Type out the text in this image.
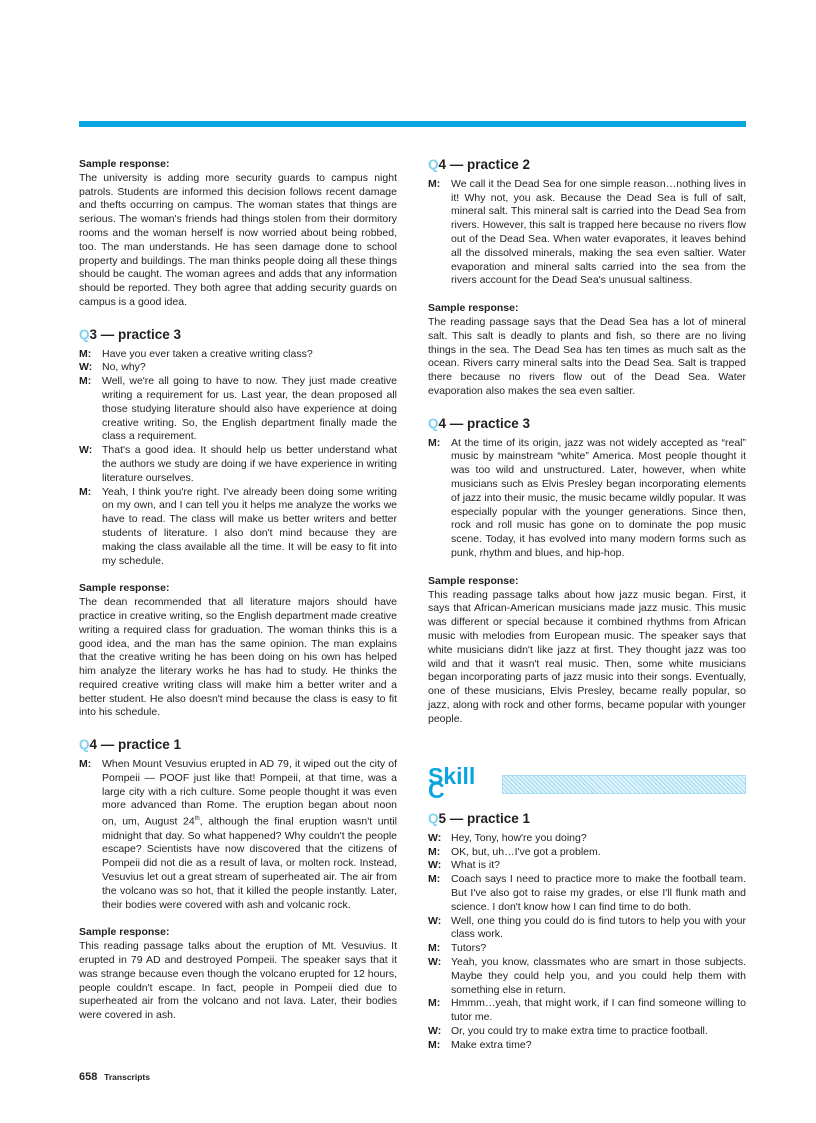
Sample response:

The university is adding more security guards to campus night patrols. Students are informed this decision follows recent damage and thefts occurring on campus. The woman states that things are serious. The woman's friends had things stolen from their dormitory rooms and the woman herself is now worried about being robbed, too. The man understands. He has seen damage done to school property and buildings. The man thinks people doing all these things should be caught. The woman agrees and adds that any information should be reported. They both agree that adding security guards on campus is a good idea.

Q3 — practice 3
M:	Have you ever taken a creative writing class?
W: No, why?
M:	Well, we're all going to have to now. They just made creative writing a requirement for us. Last year, the dean proposed all those studying literature should also have experience at doing creative writing. So, the English department finally made the class a requirement.
W: That's a good idea. It should help us better understand what the authors we study are doing if we have experience in writing literature ourselves.
M:	Yeah, I think you're right. I've already been doing some writing on my own, and I can tell you it helps me analyze the works we have to read. The class will make us better writers and better students of literature. I also don't mind because they are making the class available all the time. It will be easy to fit into my schedule.

Sample response:

The dean recommended that all literature majors should have practice in creative writing, so the English department made creative writing a required class for graduation. The woman thinks this is a good idea, and the man has the same opinion. The man explains that the creative writing he has been doing on his own has helped him analyze the literary works he has had to study. He thinks the required creative writing class will make him a better writer and a better student. He also doesn't mind because the class is easy to fit into his schedule.

Q4 — practice 1
M:	When Mount Vesuvius erupted in AD 79, it wiped out the city of Pompeii — POOF just like that! Pompeii, at that time, was a large city with a rich culture. Some people thought it was even more advanced than Rome. The eruption began about noon on, um, August 24th, although the final eruption wasn't until midnight that day. So what happened? Why couldn't the people escape? Scientists have now discovered that the citizens of Pompeii did not die as a result of lava, or molten rock. Instead, Vesuvius let out a great stream of superheated air. The air from the volcano was so hot, that it killed the people instantly. Later, their bodies were covered with ash and volcanic rock.

Sample response:

This reading passage talks about the eruption of Mt. Vesuvius. It erupted in 79 AD and destroyed Pompeii. The speaker says that it was strange because even though the volcano erupted for 12 hours, people couldn't escape. In fact, people in Pompeii died due to superheated air from the volcano and not lava. Later, their bodies were covered in ash.

Q4 — practice 2
M:	We call it the Dead Sea for one simple reason…nothing lives in it! Why not, you ask. Because the Dead Sea is full of salt, mineral salt. This mineral salt is carried into the Dead Sea from rivers. However, this salt is trapped here because no rivers flow out of the Dead Sea. When water evaporates, it leaves behind all the dissolved minerals, making the sea even saltier. Water evaporation and mineral salts carried into the sea from the rivers account for the Dead Sea's unusual saltiness.

Sample response:

The reading passage says that the Dead Sea has a lot of mineral salt. This salt is deadly to plants and fish, so there are no living things in the sea. The Dead Sea has ten times as much salt as the ocean. Rivers carry mineral salts into the Dead Sea. Salt is trapped there because no rivers flow out of the Dead Sea. Water evaporation also makes the sea even saltier.

Q4 — practice 3
M:	At the time of its origin, jazz was not widely accepted as “real” music by mainstream “white” America. Most people thought it was too wild and unstructured. Later, however, when white musicians such as Elvis Presley began incorporating elements of jazz into their music, the music became wildly popular. It was especially popular with the younger generations. Since then, rock and roll music has gone on to dominate the pop music scene. Today, it has evolved into many modern forms such as punk, rhythm and blues, and hip-hop.

Sample response:

This reading passage talks about how jazz music began. First, it says that African-American musicians made jazz music. This music was different or special because it combined rhythms from African music with melodies from European music. The speaker says that white musicians didn't like jazz at first. They thought jazz was too wild and that it wasn't real music. Then, some white musicians began incorporating parts of jazz music into their songs. Eventually, one of these musicians, Elvis Presley, became really popular, so jazz, along with rock and other forms, became popular with younger people.

Skill C
Q5 — practice 1
W: Hey, Tony, how're you doing?
M:	OK, but, uh…I've got a problem.
W: What is it?
M:	Coach says I need to practice more to make the football team. But I've also got to raise my grades, or else I'll flunk math and science. I don't know how I can find time to do both.
W: Well, one thing you could do is find tutors to help you with your class work.
M:	Tutors?
W: Yeah, you know, classmates who are smart in those subjects. Maybe they could help you, and you could help them with something else in return.
M:	Hmmm…yeah, that might work, if I can find someone willing to tutor me.
W: Or, you could try to make extra time to practice football.
M:	Make extra time?
658 Transcripts
